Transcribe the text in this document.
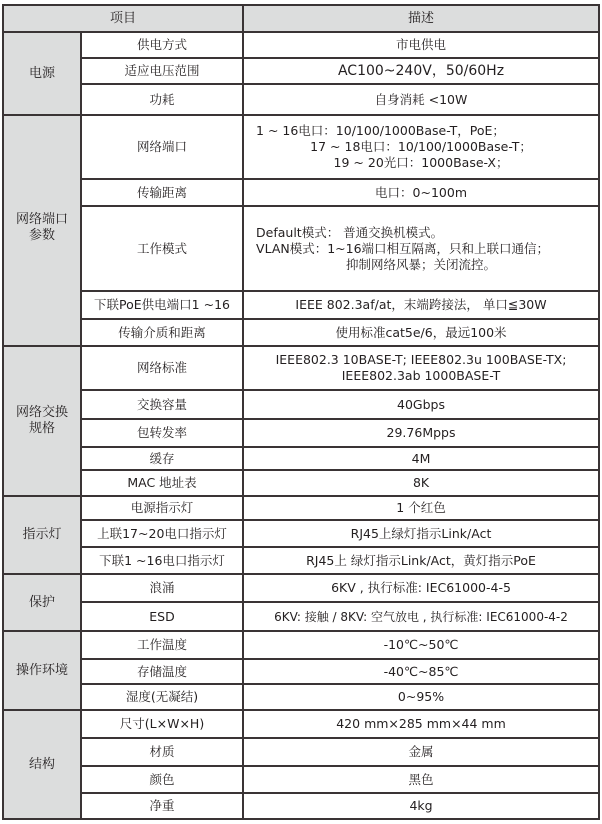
项目		描述
电源	供电方式	市电供电
	适应电压范围	AC100~240V，50/60Hz
	功耗	自身消耗 <10W

网络端口
参数	网络端口	1 ~ 16电口：10/100/1000Base-T，PoE；
17 ~ 18电口：10/100/1000Base-T；
19 ~ 20光口：1000Base-X；

	传输距离	电口：0~100m
	工作模式	Default模式： 普通交换机模式。
VLAN模式：1~16端口相互隔离，只和上联口通信；
抑制网络风暴；关闭流控。

	下联PoE供电端口1 ~16	IEEE 802.3af/at，末端跨接法， 单口≦30W
	传输介质和距离	使用标准cat5e/6，最远100米

网络交换
规格	网络标准	IEEE802.3 10BASE-T; IEEE802.3u 100BASE-TX;
IEEE802.3ab 1000BASE-T

	交换容量	40Gbps
	包转发率	29.76Mpps
	缓存	4M
	MAC 地址表	8K
指示灯	电源指示灯	1 个红色
	上联17~20电口指示灯	RJ45上绿灯指示Link/Act
	下联1 ~16电口指示灯	RJ45上 绿灯指示Link/Act，黄灯指示PoE
保护	浪涌	6KV , 执行标准: IEC61000-4-5
	ESD	6KV: 接触 / 8KV: 空气放电 , 执行标准: IEC61000-4-2
操作环境	工作温度	-10℃~50℃
	存储温度	-40℃~85℃
	湿度(无凝结)	0~95%
结构	尺寸(L×W×H)	420 mm×285 mm×44 mm
	材质	金属
	颜色	黑色
	净重	4kg
